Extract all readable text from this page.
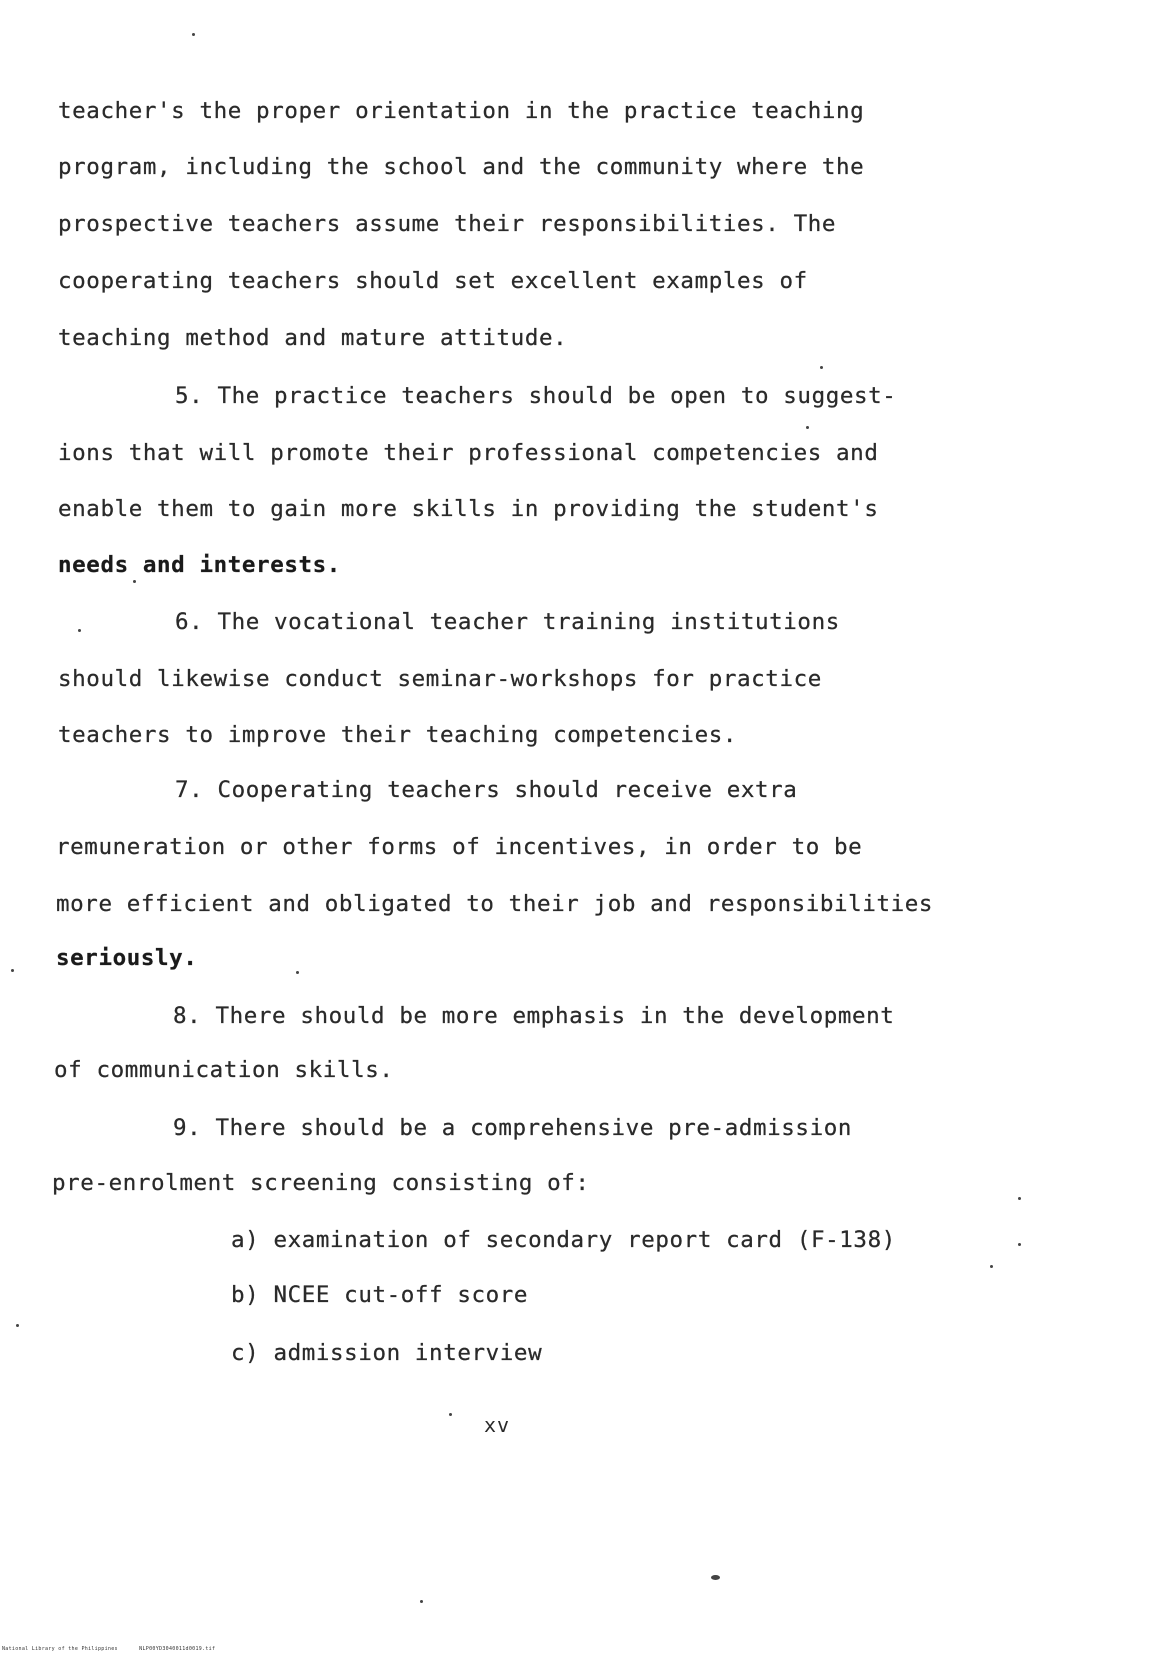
teacher's the proper orientation in the practice teaching
program, including the school and the community where the
prospective teachers assume their responsibilities. The
cooperating teachers should set excellent examples of
teaching method and mature attitude.
5. The practice teachers should be open to suggest-
ions that will promote their professional competencies and
enable them to gain more skills in providing the student's
needs and interests.
6. The vocational teacher training institutions
should likewise conduct seminar-workshops for practice
teachers to improve their teaching competencies.
7. Cooperating teachers should receive extra
remuneration or other forms of incentives, in order to be
more efficient and obligated to their job and responsibilities
seriously.
8. There should be more emphasis in the development
of communication skills.
9. There should be a comprehensive pre-admission
pre-enrolment screening consisting of:
a) examination of secondary report card (F-138)
b) NCEE cut-off score
c) admission interview
xv
National Library of the Philippines	NLP00YD3040011d0019.tif
